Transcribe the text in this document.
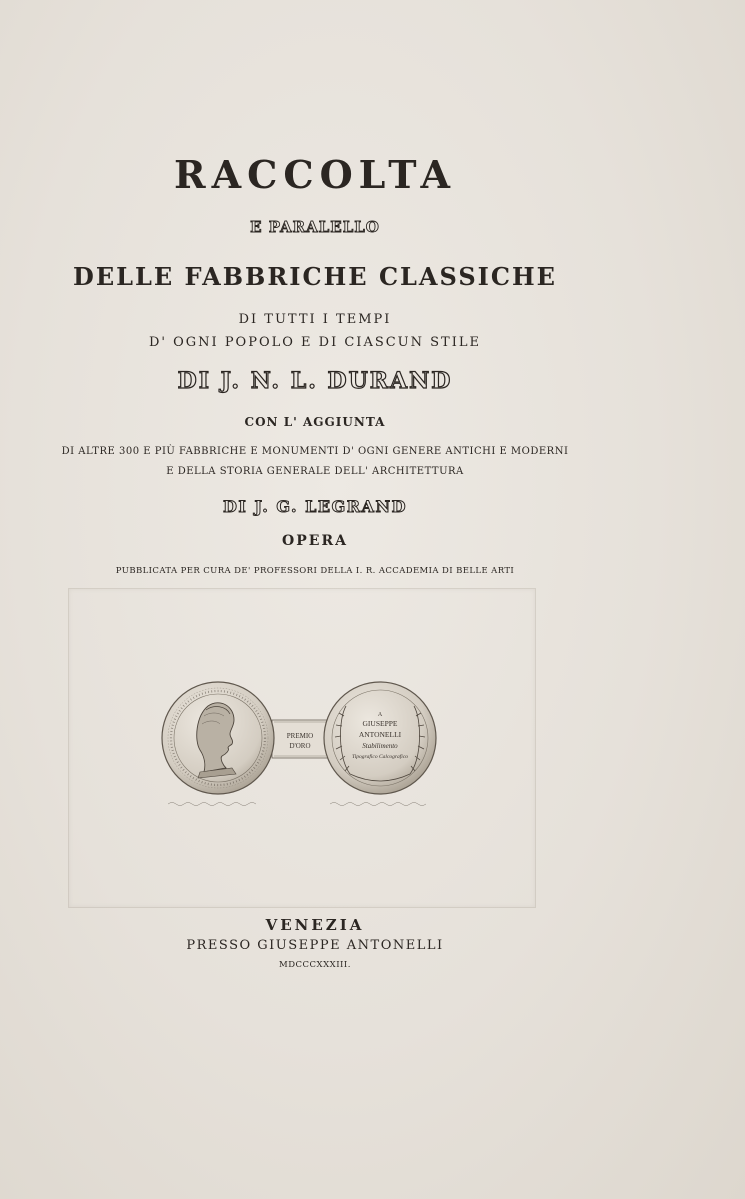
RACCOLTA
E PARALELLO
DELLE FABBRICHE CLASSICHE
DI TUTTI I TEMPI
D' OGNI POPOLO E DI CIASCUN STILE
DI J. N. L. DURAND
CON L' AGGIUNTA
DI ALTRE 300 E PIÙ FABBRICHE E MONUMENTI D' OGNI GENERE ANTICHI E MODERNI
E DELLA STORIA GENERALE DELL' ARCHITETTURA
DI J. G. LEGRAND
OPERA
PUBBLICATA PER CURA DE' PROFESSORI DELLA I. R. ACCADEMIA DI BELLE ARTI
PREMIO
D'ORO
A
GIUSEPPE
ANTONELLI
Stabilimento
Tipografico Calcografico
VENEZIA
PRESSO GIUSEPPE ANTONELLI
MDCCCXXXIII.
